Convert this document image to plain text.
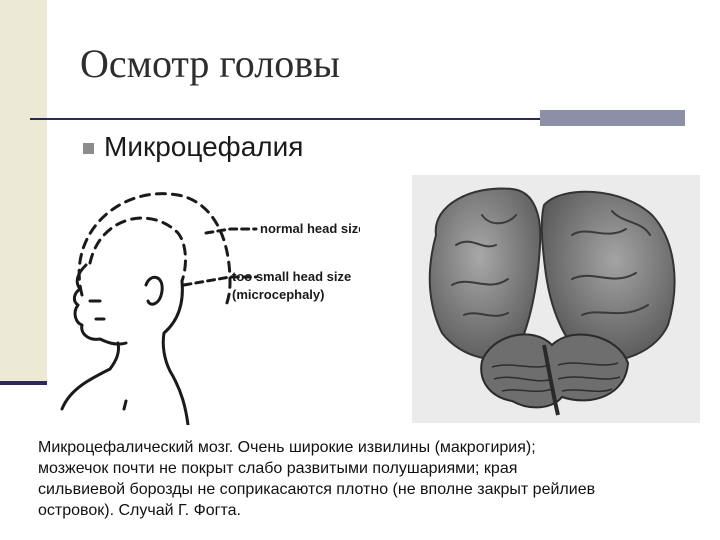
Осмотр головы
Микроцефалия
normal head size
too small head size
(microcephaly)

Микроцефалический мозг. Очень широкие извилины (макрогирия);

мозжечок почти не покрыт слабо развитыми полушариями; края

сильвиевой борозды не соприкасаются плотно (не вполне закрыт рейлиев

островок). Случай Г. Фогта.
